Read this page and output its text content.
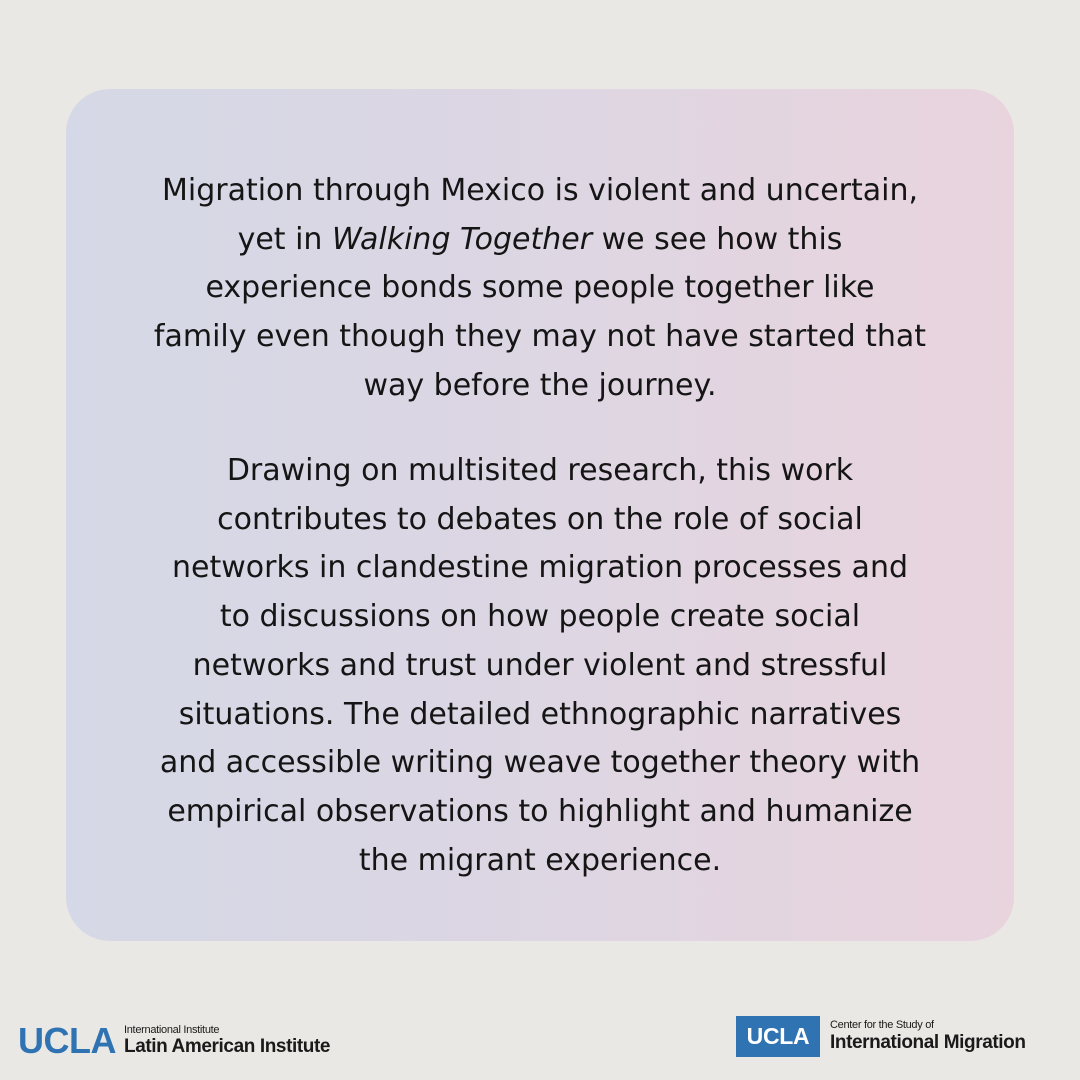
Migration through Mexico is violent and uncertain,
yet in Walking Together we see how this
experience bonds some people together like
family even though they may not have started that
way before the journey.

Drawing on multisited research, this work
contributes to debates on the role of social
networks in clandestine migration processes and
to discussions on how people create social
networks and trust under violent and stressful
situations. The detailed ethnographic narratives
and accessible writing weave together theory with
empirical observations to highlight and humanize
the migrant experience.

UCLA International Institute
Latin American Institute	UCLA	Center for the Study of
International Migration
